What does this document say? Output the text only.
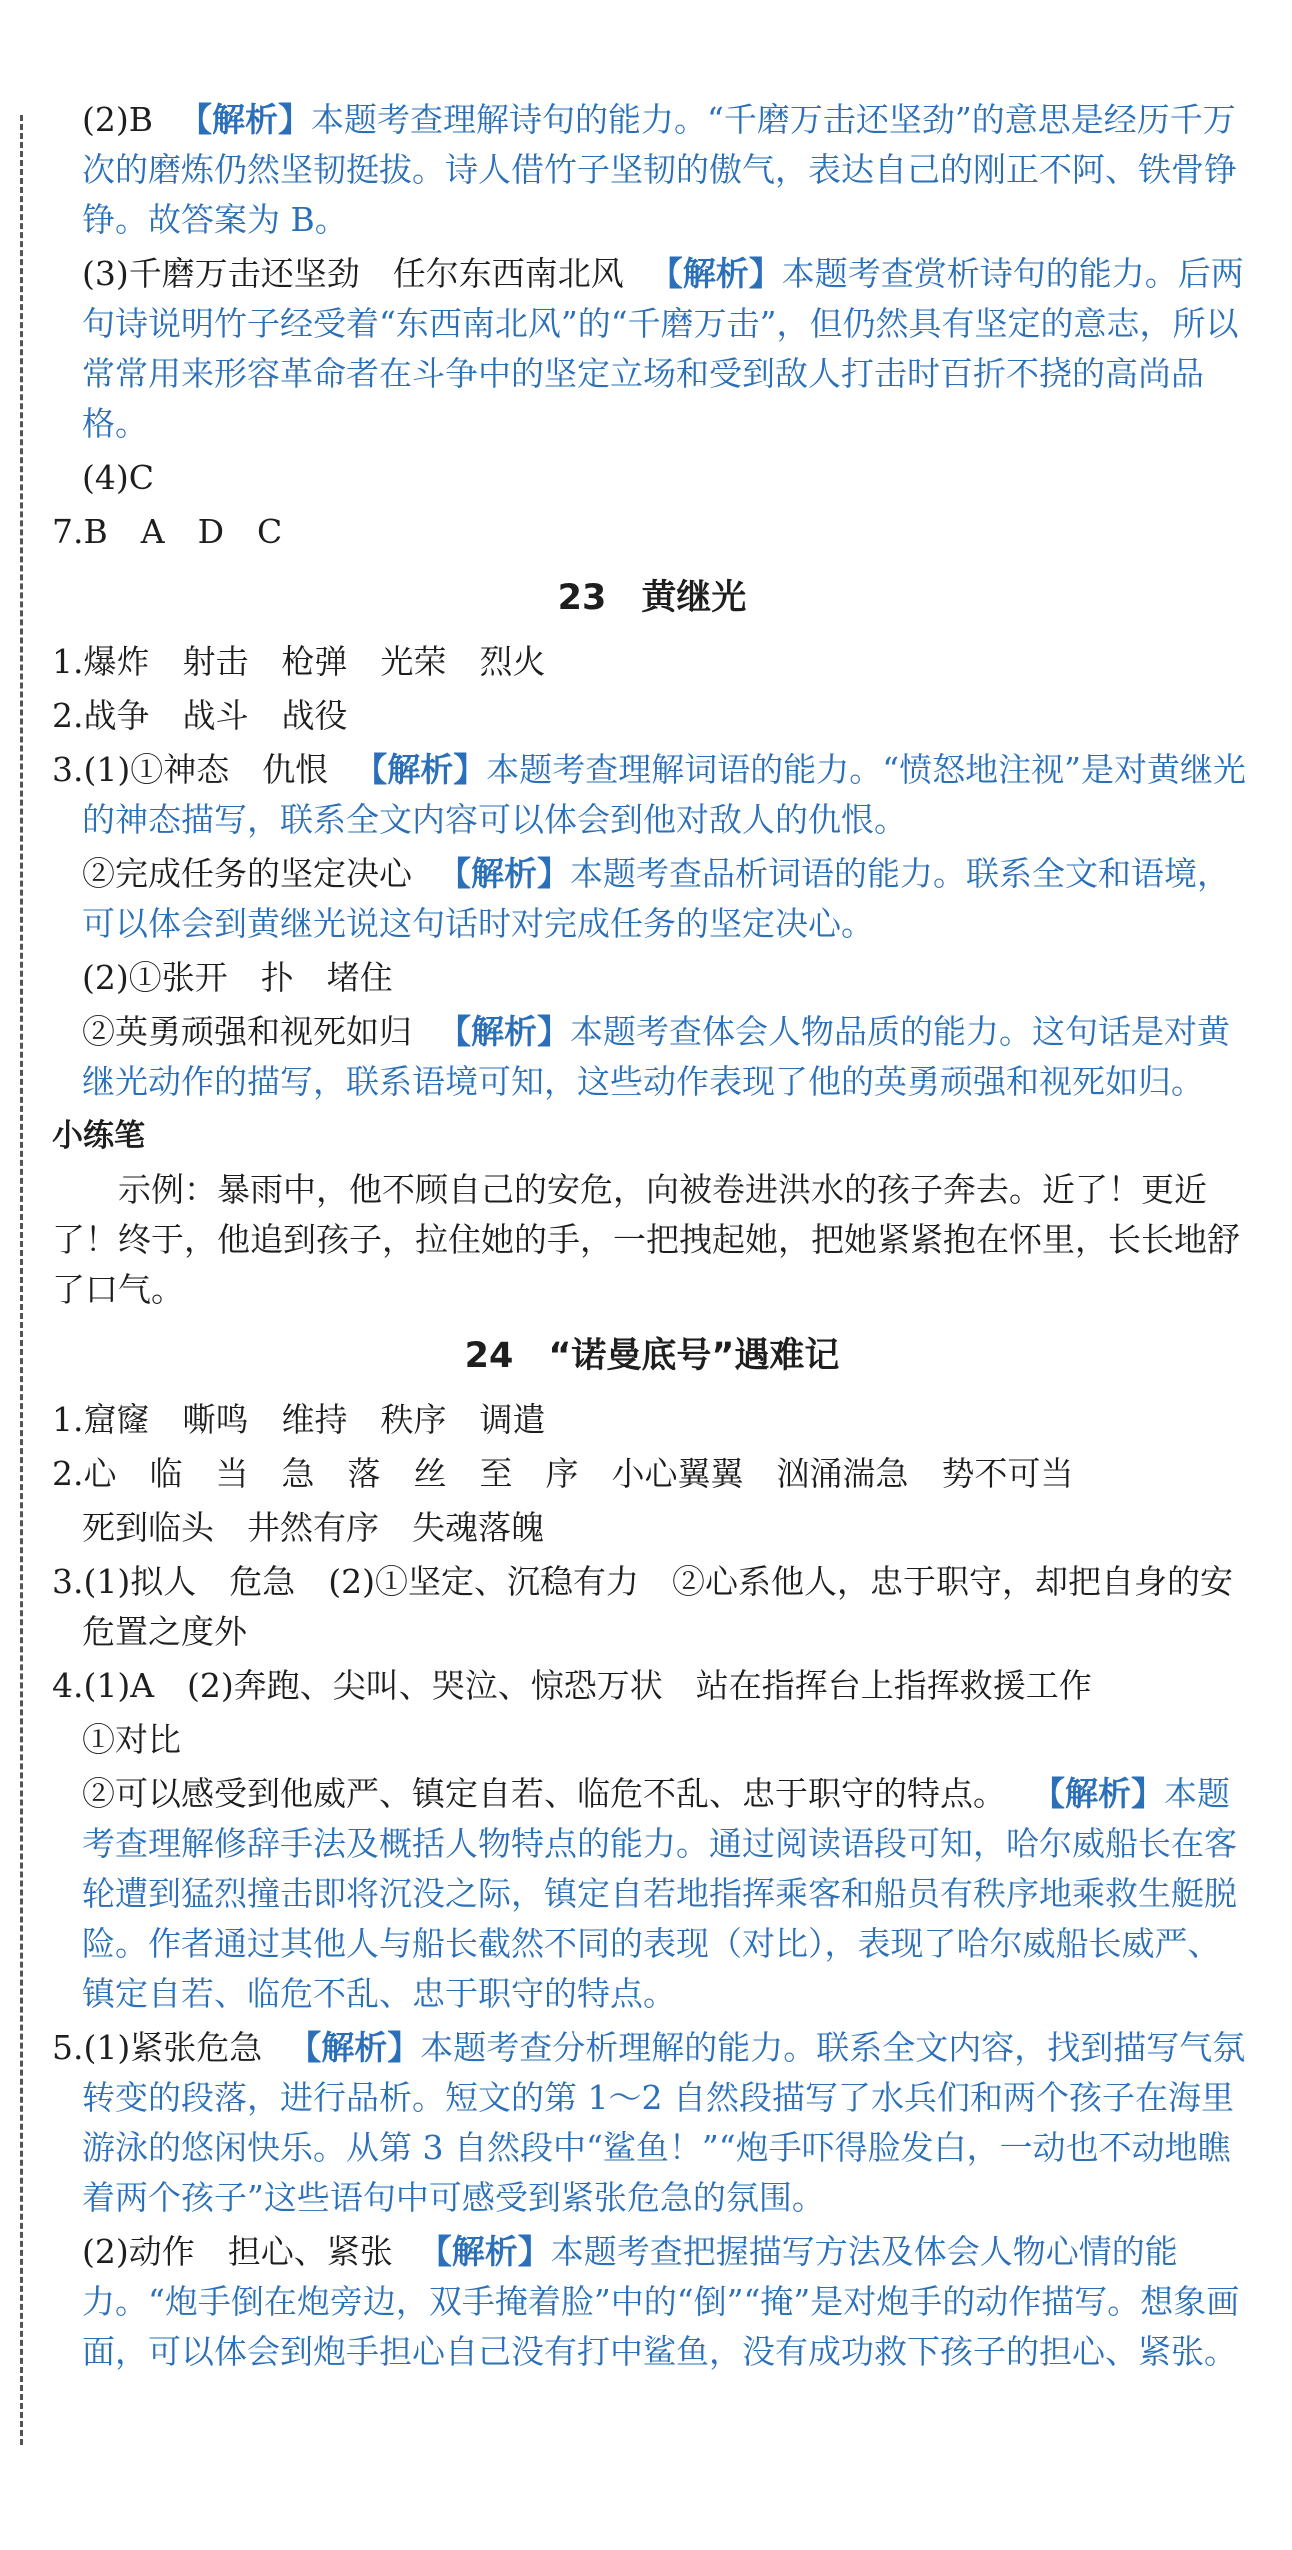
(2)B 【解析】本题考查理解诗句的能力。“千磨万击还坚劲”的意思是经历千万次的磨炼仍然坚韧挺拔。诗人借竹子坚韧的傲气，表达自己的刚正不阿、铁骨铮铮。故答案为 B。

(3)千磨万击还坚劲　任尔东西南北风 【解析】本题考查赏析诗句的能力。后两句诗说明竹子经受着“东西南北风”的“千磨万击”，但仍然具有坚定的意志，所以常常用来形容革命者在斗争中的坚定立场和受到敌人打击时百折不挠的高尚品格。

(4)C

7.B　A　D　C

23　黄继光

1.爆炸　射击　枪弹　光荣　烈火

2.战争　战斗　战役

3.(1)①神态　仇恨 【解析】本题考查理解词语的能力。“愤怒地注视”是对黄继光的神态描写，联系全文内容可以体会到他对敌人的仇恨。

②完成任务的坚定决心 【解析】本题考查品析词语的能力。联系全文和语境，可以体会到黄继光说这句话时对完成任务的坚定决心。

(2)①张开　扑　堵住

②英勇顽强和视死如归 【解析】本题考查体会人物品质的能力。这句话是对黄继光动作的描写，联系语境可知，这些动作表现了他的英勇顽强和视死如归。

小练笔

示例：暴雨中，他不顾自己的安危，向被卷进洪水的孩子奔去。近了！更近了！终于，他追到孩子，拉住她的手，一把拽起她，把她紧紧抱在怀里，长长地舒了口气。

24　“诺曼底号”遇难记

1.窟窿　嘶鸣　维持　秩序　调遣

2.心　临　当　急　落　丝　至　序　小心翼翼　汹涌湍急　势不可当

死到临头　井然有序　失魂落魄

3.(1)拟人　危急　(2)①坚定、沉稳有力　②心系他人，忠于职守，却把自身的安危置之度外

4.(1)A　(2)奔跑、尖叫、哭泣、惊恐万状　站在指挥台上指挥救援工作

①对比

②可以感受到他威严、镇定自若、临危不乱、忠于职守的特点。 【解析】本题考查理解修辞手法及概括人物特点的能力。通过阅读语段可知，哈尔威船长在客轮遭到猛烈撞击即将沉没之际，镇定自若地指挥乘客和船员有秩序地乘救生艇脱险。作者通过其他人与船长截然不同的表现（对比），表现了哈尔威船长威严、镇定自若、临危不乱、忠于职守的特点。

5.(1)紧张危急 【解析】本题考查分析理解的能力。联系全文内容，找到描写气氛转变的段落，进行品析。短文的第 1～2 自然段描写了水兵们和两个孩子在海里游泳的悠闲快乐。从第 3 自然段中“鲨鱼！”“炮手吓得脸发白，一动也不动地瞧着两个孩子”这些语句中可感受到紧张危急的氛围。

(2)动作　担心、紧张 【解析】本题考查把握描写方法及体会人物心情的能力。“炮手倒在炮旁边，双手掩着脸”中的“倒”“掩”是对炮手的动作描写。想象画面，可以体会到炮手担心自己没有打中鲨鱼，没有成功救下孩子的担心、紧张。
